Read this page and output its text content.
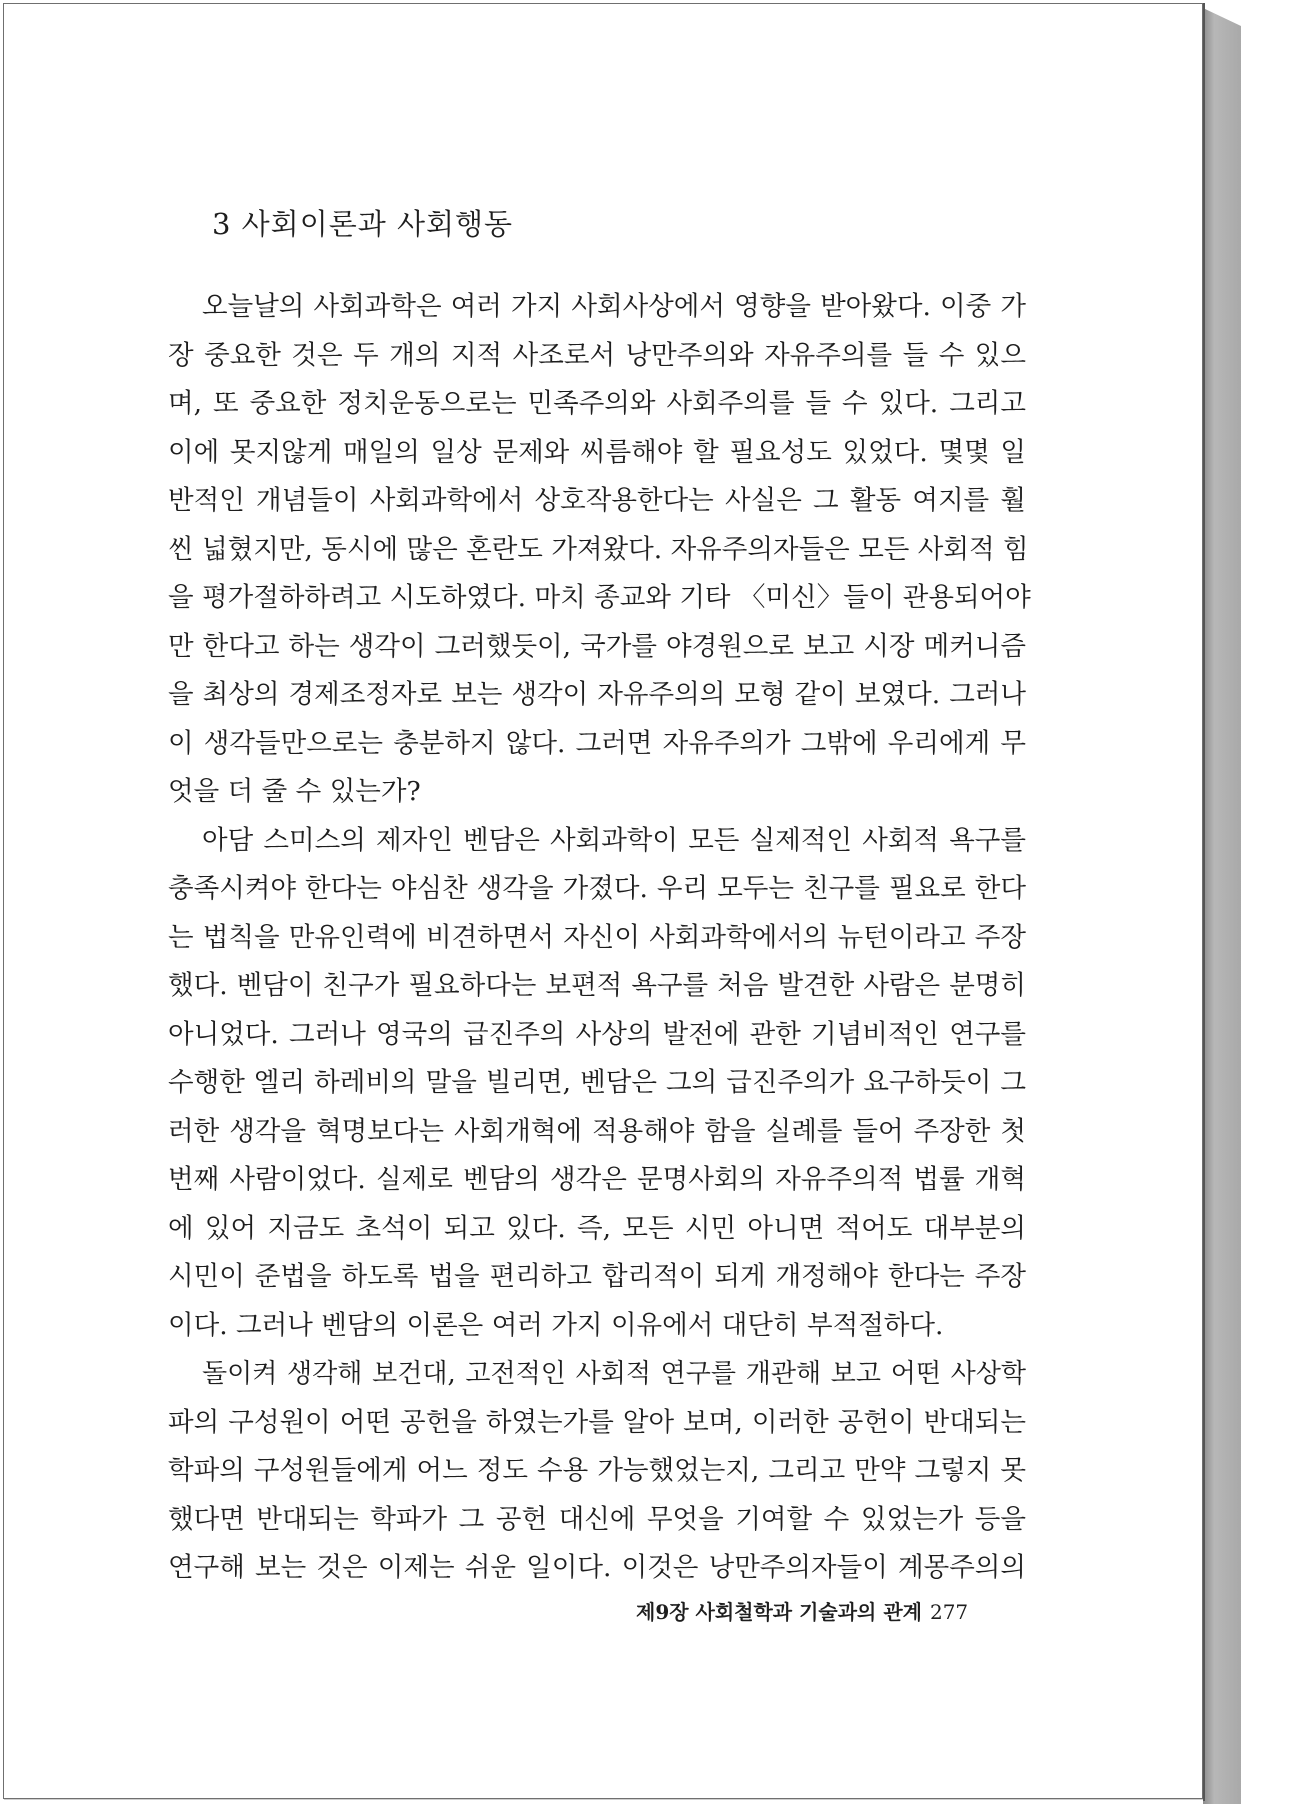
3 사회이론과 사회행동
오늘날의 사회과학은 여러 가지 사회사상에서 영향을 받아왔다. 이중 가
장 중요한 것은 두 개의 지적 사조로서 낭만주의와 자유주의를 들 수 있으
며, 또 중요한 정치운동으로는 민족주의와 사회주의를 들 수 있다. 그리고
이에 못지않게 매일의 일상 문제와 씨름해야 할 필요성도 있었다. 몇몇 일
반적인 개념들이 사회과학에서 상호작용한다는 사실은 그 활동 여지를 훨
씬 넓혔지만, 동시에 많은 혼란도 가져왔다. 자유주의자들은 모든 사회적 힘
을 평가절하하려고 시도하였다. 마치 종교와 기타 〈미신〉들이 관용되어야
만 한다고 하는 생각이 그러했듯이, 국가를 야경원으로 보고 시장 메커니즘
을 최상의 경제조정자로 보는 생각이 자유주의의 모형 같이 보였다. 그러나
이 생각들만으로는 충분하지 않다. 그러면 자유주의가 그밖에 우리에게 무
엇을 더 줄 수 있는가?
아담 스미스의 제자인 벤담은 사회과학이 모든 실제적인 사회적 욕구를
충족시켜야 한다는 야심찬 생각을 가졌다. 우리 모두는 친구를 필요로 한다
는 법칙을 만유인력에 비견하면서 자신이 사회과학에서의 뉴턴이라고 주장
했다. 벤담이 친구가 필요하다는 보편적 욕구를 처음 발견한 사람은 분명히
아니었다. 그러나 영국의 급진주의 사상의 발전에 관한 기념비적인 연구를
수행한 엘리 하레비의 말을 빌리면, 벤담은 그의 급진주의가 요구하듯이 그
러한 생각을 혁명보다는 사회개혁에 적용해야 함을 실례를 들어 주장한 첫
번째 사람이었다. 실제로 벤담의 생각은 문명사회의 자유주의적 법률 개혁
에 있어 지금도 초석이 되고 있다. 즉, 모든 시민 아니면 적어도 대부분의
시민이 준법을 하도록 법을 편리하고 합리적이 되게 개정해야 한다는 주장
이다. 그러나 벤담의 이론은 여러 가지 이유에서 대단히 부적절하다.
돌이켜 생각해 보건대, 고전적인 사회적 연구를 개관해 보고 어떤 사상학
파의 구성원이 어떤 공헌을 하였는가를 알아 보며, 이러한 공헌이 반대되는
학파의 구성원들에게 어느 정도 수용 가능했었는지, 그리고 만약 그렇지 못
했다면 반대되는 학파가 그 공헌 대신에 무엇을 기여할 수 있었는가 등을
연구해 보는 것은 이제는 쉬운 일이다. 이것은 낭만주의자들이 계몽주의의
제9장 사회철학과 기술과의 관계 277
